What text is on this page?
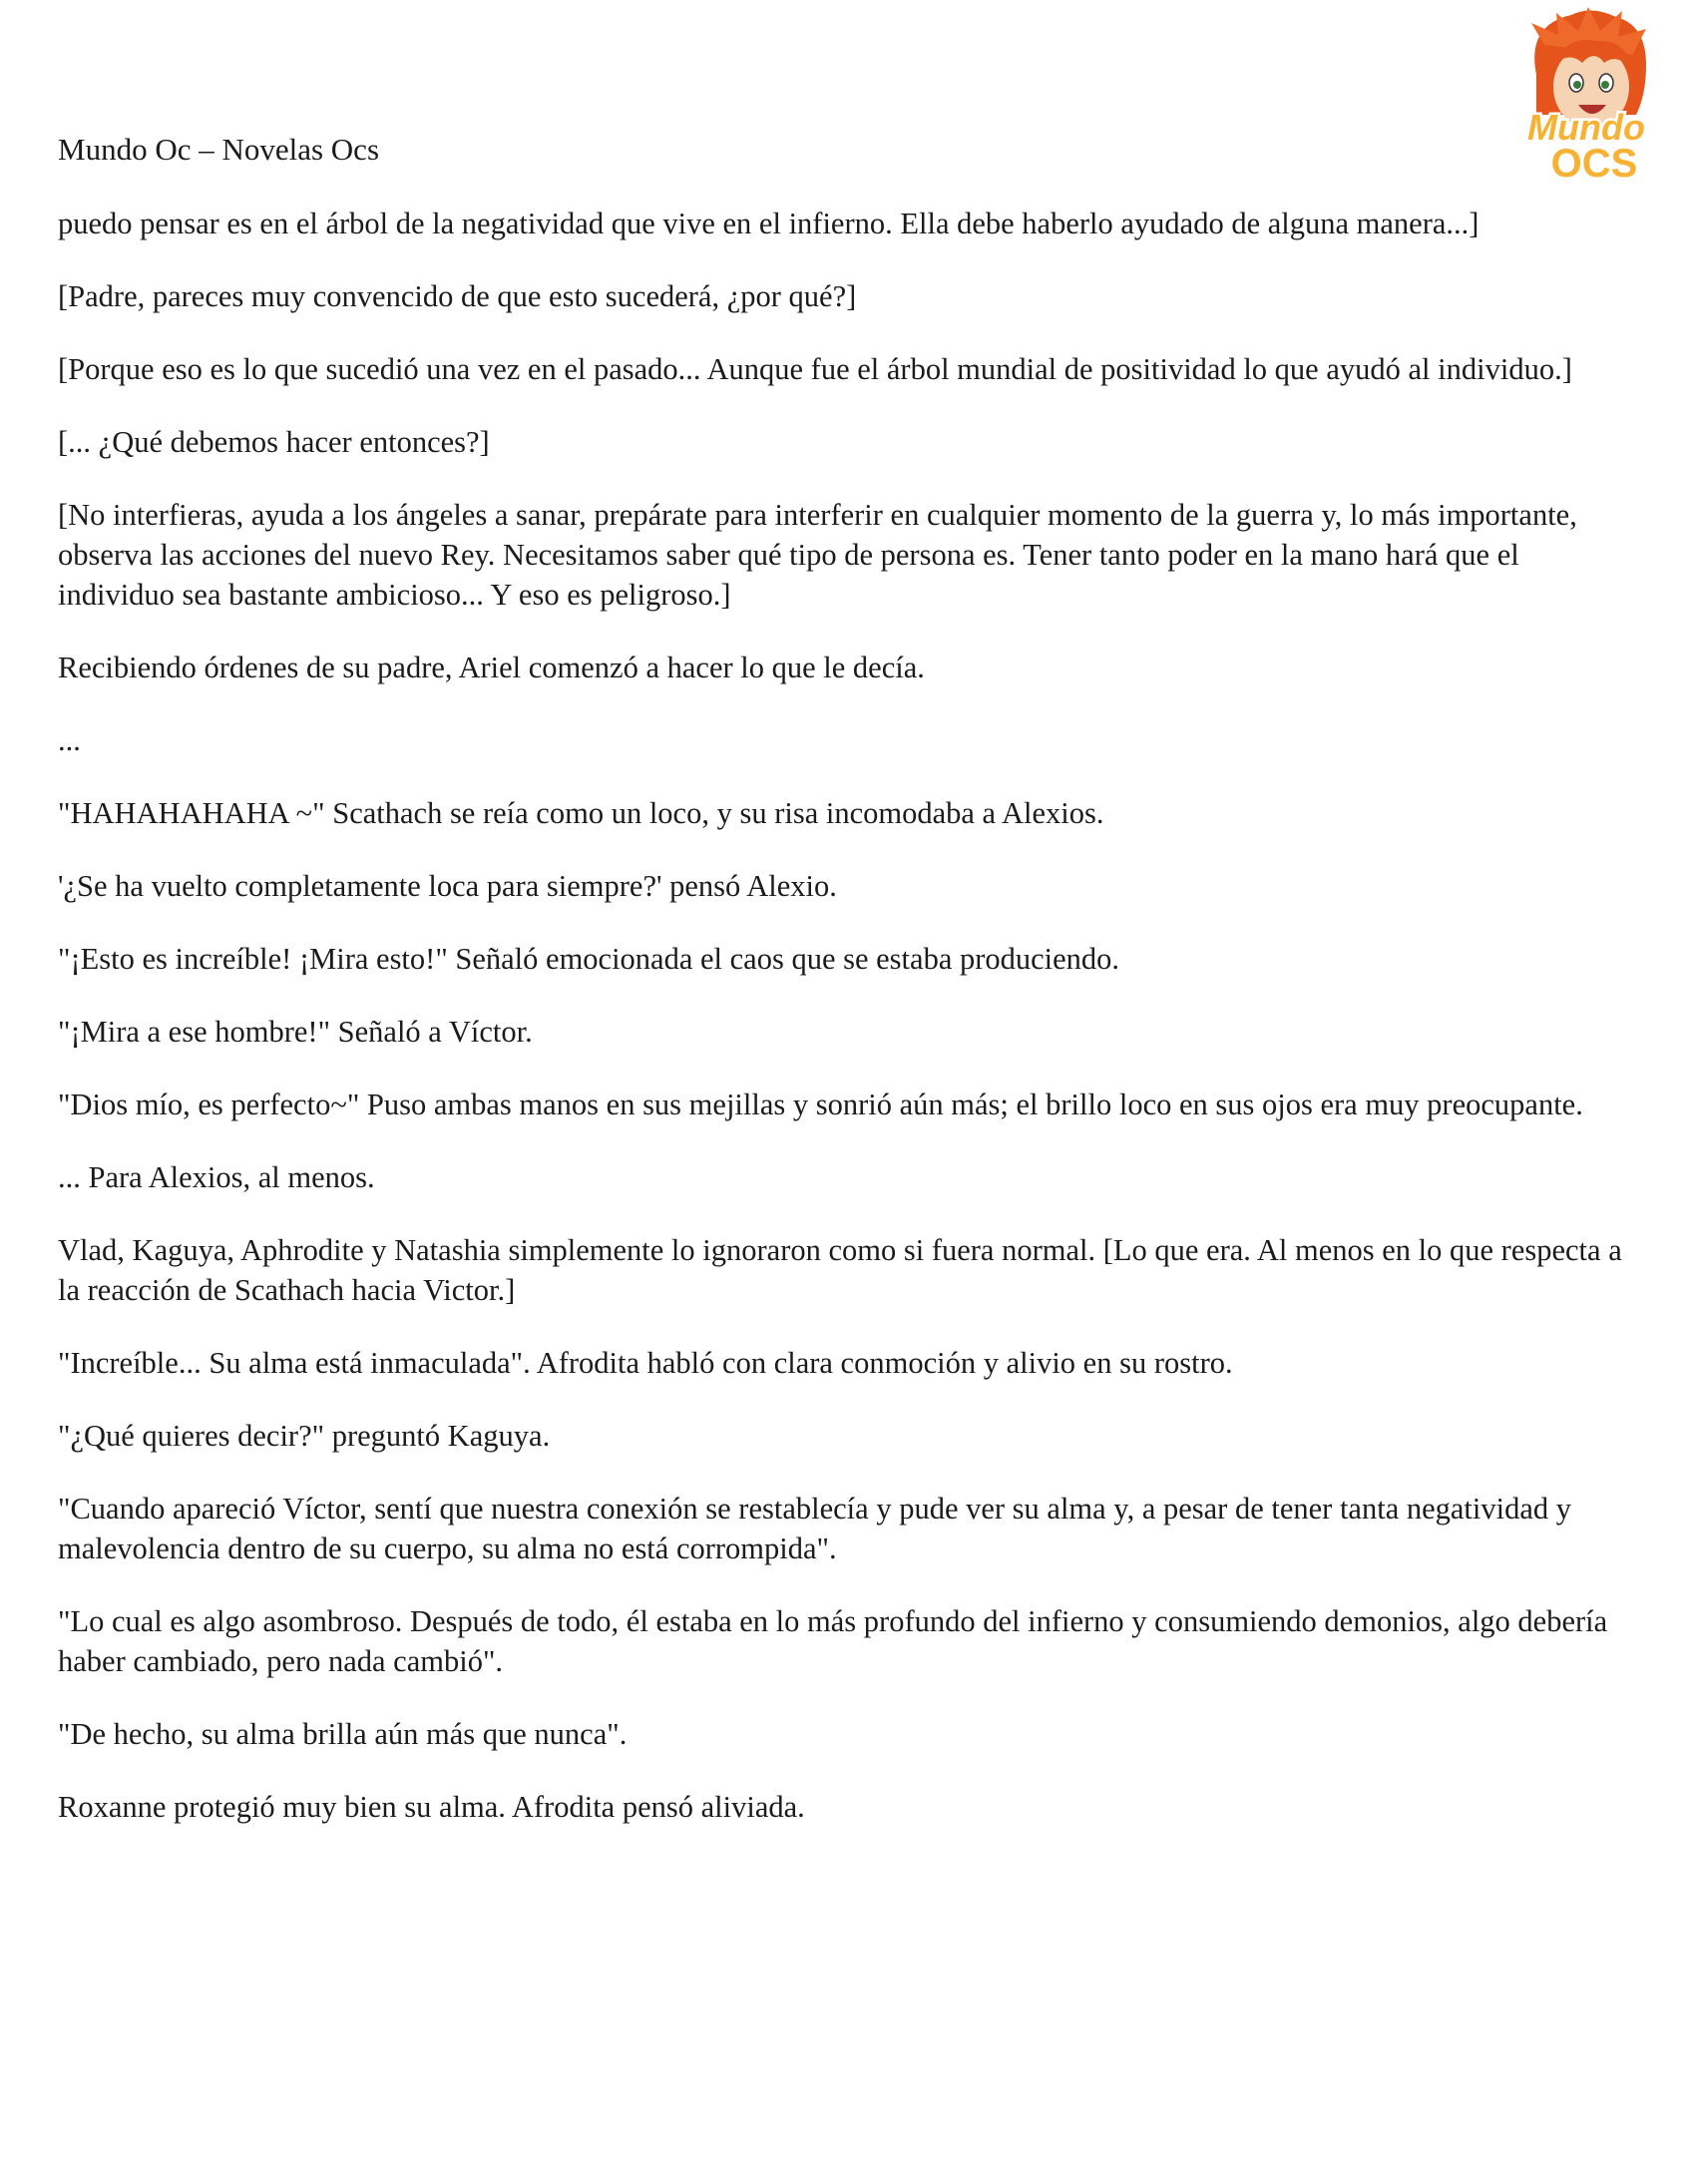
Mundo Oc – Novelas Ocs
Mundo
OCS

puedo pensar es en el árbol de la negatividad que vive en el infierno. Ella debe haberlo ayudado de alguna manera...]

[Padre, pareces muy convencido de que esto sucederá, ¿por qué?]

[Porque eso es lo que sucedió una vez en el pasado... Aunque fue el árbol mundial de positividad lo que ayudó al individuo.]

[... ¿Qué debemos hacer entonces?]

[No interfieras, ayuda a los ángeles a sanar, prepárate para interferir en cualquier momento de la guerra y, lo más importante, observa las acciones del nuevo Rey. Necesitamos saber qué tipo de persona es. Tener tanto poder en la mano hará que el individuo sea bastante ambicioso... Y eso es peligroso.]

Recibiendo órdenes de su padre, Ariel comenzó a hacer lo que le decía.

...

"HAHAHAHAHA ~" Scathach se reía como un loco, y su risa incomodaba a Alexios.

'¿Se ha vuelto completamente loca para siempre?' pensó Alexio.

"¡Esto es increíble! ¡Mira esto!" Señaló emocionada el caos que se estaba produciendo.

"¡Mira a ese hombre!" Señaló a Víctor.

"Dios mío, es perfecto~" Puso ambas manos en sus mejillas y sonrió aún más; el brillo loco en sus ojos era muy preocupante.

... Para Alexios, al menos.

Vlad, Kaguya, Aphrodite y Natashia simplemente lo ignoraron como si fuera normal. [Lo que era. Al menos en lo que respecta a la reacción de Scathach hacia Victor.]

"Increíble... Su alma está inmaculada". Afrodita habló con clara conmoción y alivio en su rostro.

"¿Qué quieres decir?" preguntó Kaguya.

"Cuando apareció Víctor, sentí que nuestra conexión se restablecía y pude ver su alma y, a pesar de tener tanta negatividad y malevolencia dentro de su cuerpo, su alma no está corrompida".

"Lo cual es algo asombroso. Después de todo, él estaba en lo más profundo del infierno y consumiendo demonios, algo debería haber cambiado, pero nada cambió".

"De hecho, su alma brilla aún más que nunca".

Roxanne protegió muy bien su alma. Afrodita pensó aliviada.
